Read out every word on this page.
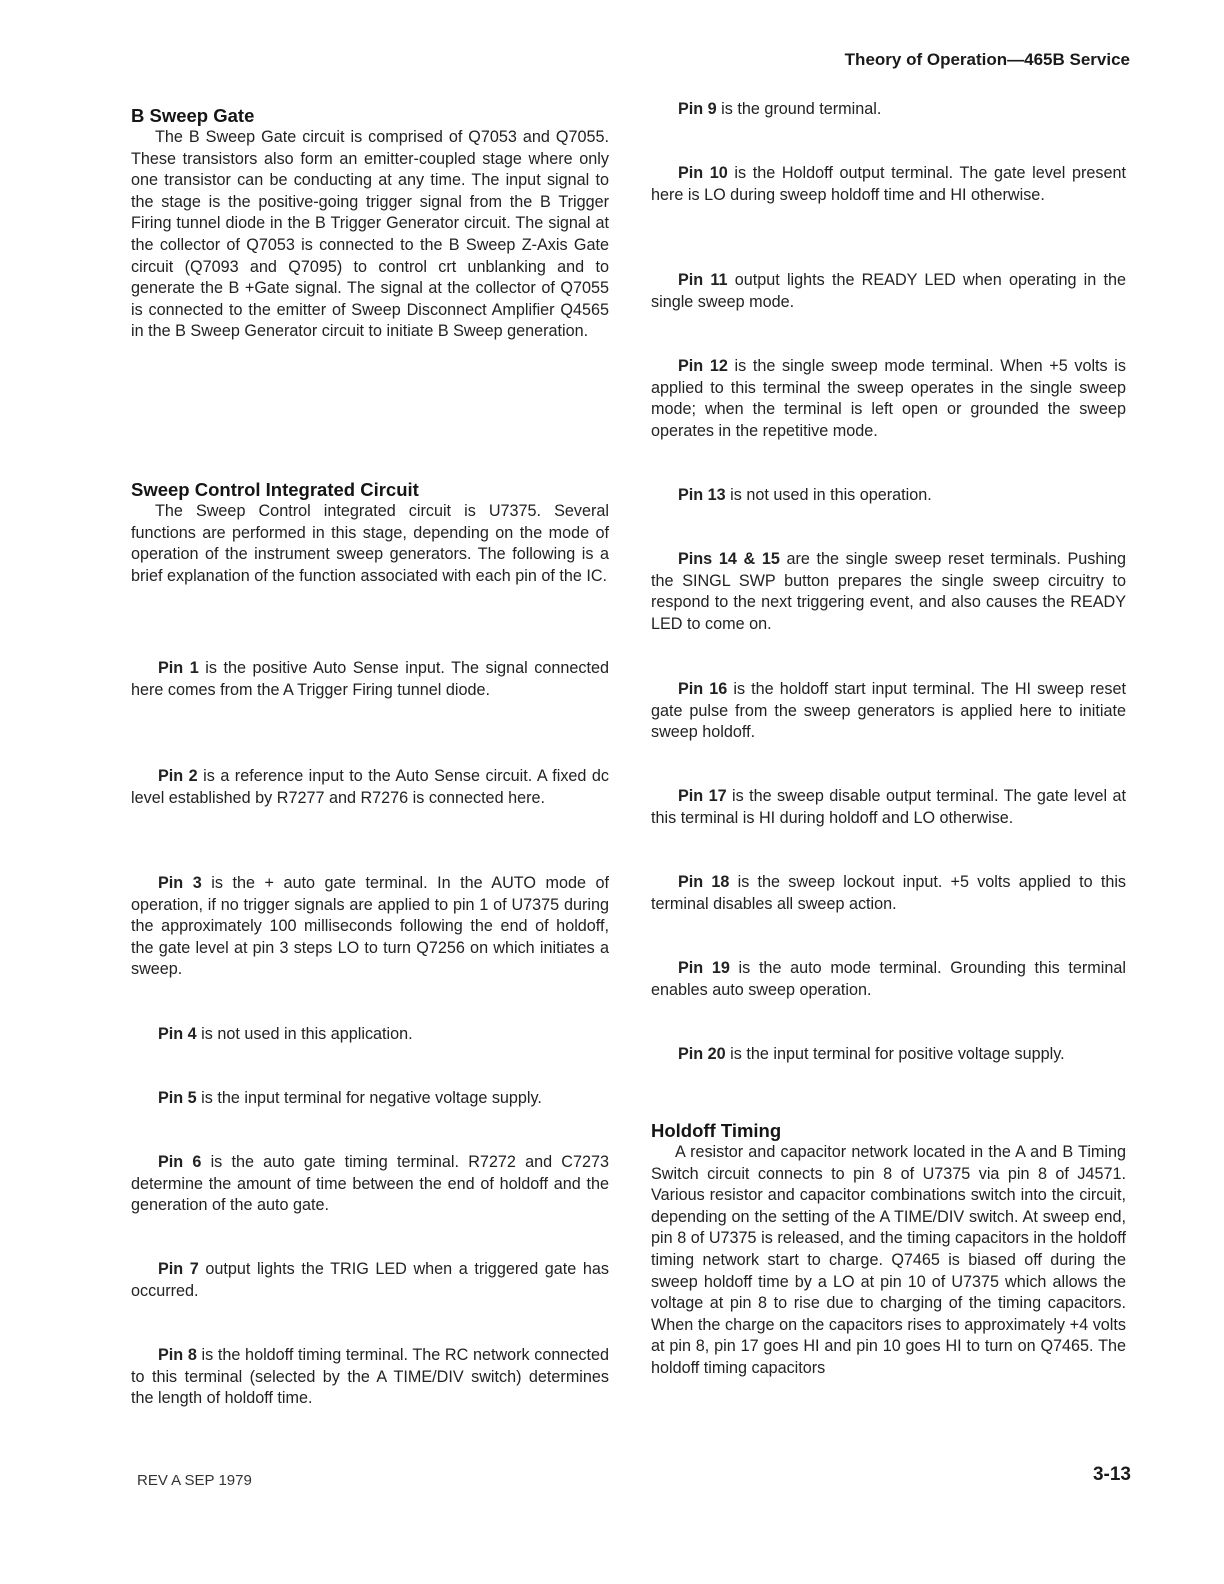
Theory of Operation—465B Service
B Sweep Gate

The B Sweep Gate circuit is comprised of Q7053 and Q7055. These transistors also form an emitter-coupled stage where only one transistor can be conducting at any time. The input signal to the stage is the positive-going trigger signal from the B Trigger Firing tunnel diode in the B Trigger Generator circuit. The signal at the collector of Q7053 is connected to the B Sweep Z-Axis Gate circuit (Q7093 and Q7095) to control crt unblanking and to generate the B +Gate signal. The signal at the collector of Q7055 is connected to the emitter of Sweep Disconnect Amplifier Q4565 in the B Sweep Generator circuit to initiate B Sweep generation.

Sweep Control Integrated Circuit

The Sweep Control integrated circuit is U7375. Several functions are performed in this stage, depending on the mode of operation of the instrument sweep generators. The following is a brief explanation of the function associated with each pin of the IC.

Pin 1 is the positive Auto Sense input. The signal connected here comes from the A Trigger Firing tunnel diode.

Pin 2 is a reference input to the Auto Sense circuit. A fixed dc level established by R7277 and R7276 is connected here.

Pin 3 is the + auto gate terminal. In the AUTO mode of operation, if no trigger signals are applied to pin 1 of U7375 during the approximately 100 milliseconds following the end of holdoff, the gate level at pin 3 steps LO to turn Q7256 on which initiates a sweep.

Pin 4 is not used in this application.

Pin 5 is the input terminal for negative voltage supply.

Pin 6 is the auto gate timing terminal. R7272 and C7273 determine the amount of time between the end of holdoff and the generation of the auto gate.

Pin 7 output lights the TRIG LED when a triggered gate has occurred.

Pin 8 is the holdoff timing terminal. The RC network connected to this terminal (selected by the A TIME/DIV switch) determines the length of holdoff time.

Pin 9 is the ground terminal.

Pin 10 is the Holdoff output terminal. The gate level present here is LO during sweep holdoff time and HI otherwise.

Pin 11 output lights the READY LED when operating in the single sweep mode.

Pin 12 is the single sweep mode terminal. When +5 volts is applied to this terminal the sweep operates in the single sweep mode; when the terminal is left open or grounded the sweep operates in the repetitive mode.

Pin 13 is not used in this operation.

Pins 14 & 15 are the single sweep reset terminals. Pushing the SINGL SWP button prepares the single sweep circuitry to respond to the next triggering event, and also causes the READY LED to come on.

Pin 16 is the holdoff start input terminal. The HI sweep reset gate pulse from the sweep generators is applied here to initiate sweep holdoff.

Pin 17 is the sweep disable output terminal. The gate level at this terminal is HI during holdoff and LO otherwise.

Pin 18 is the sweep lockout input. +5 volts applied to this terminal disables all sweep action.

Pin 19 is the auto mode terminal. Grounding this terminal enables auto sweep operation.

Pin 20 is the input terminal for positive voltage supply.

Holdoff Timing

A resistor and capacitor network located in the A and B Timing Switch circuit connects to pin 8 of U7375 via pin 8 of J4571. Various resistor and capacitor combinations switch into the circuit, depending on the setting of the A TIME/DIV switch. At sweep end, pin 8 of U7375 is released, and the timing capacitors in the holdoff timing network start to charge. Q7465 is biased off during the sweep holdoff time by a LO at pin 10 of U7375 which allows the voltage at pin 8 to rise due to charging of the timing capacitors. When the charge on the capacitors rises to approximately +4 volts at pin 8, pin 17 goes HI and pin 10 goes HI to turn on Q7465. The holdoff timing capacitors

REV A SEP 1979	3-13
